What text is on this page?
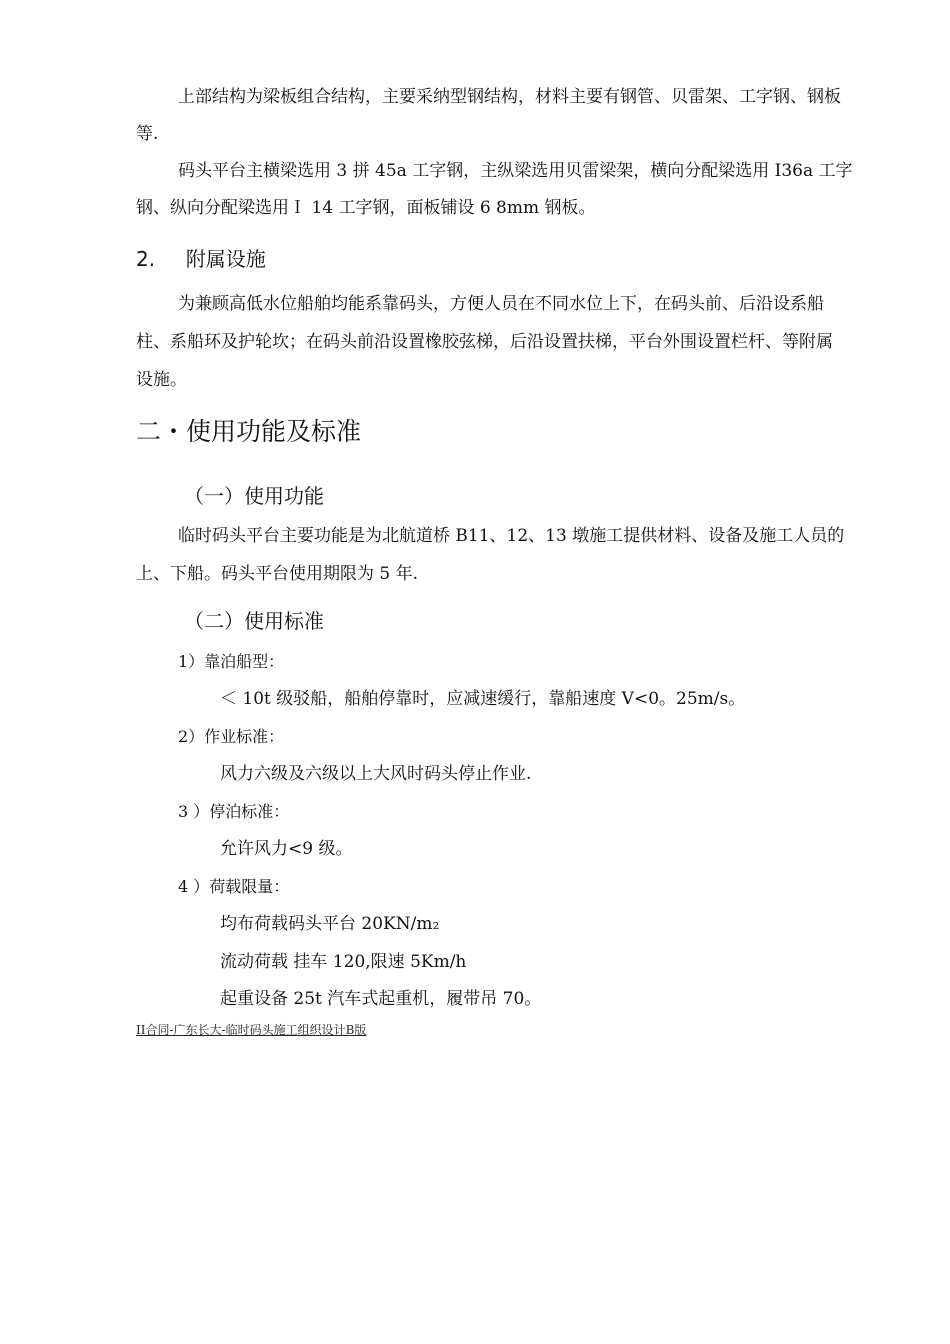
上部结构为梁板组合结构，主要采纳型钢结构，材料主要有钢管、贝雷架、工字钢、钢板
等.
码头平台主横梁选用 3 拼 45a 工字钢，主纵梁选用贝雷梁架，横向分配梁选用 I36a 工字
钢、纵向分配梁选用Ｉ 14 工字钢，面板铺设 6 8mm 钢板。
2. 附属设施
为兼顾高低水位船舶均能系靠码头，方便人员在不同水位上下，在码头前、后沿设系船
柱、系船环及护轮坎；在码头前沿设置橡胶弦梯，后沿设置扶梯，平台外围设置栏杆、等附属
设施。
二・使用功能及标准
（一）使用功能
临时码头平台主要功能是为北航道桥 B11、12、13 墩施工提供材料、设备及施工人员的
上、下船。码头平台使用期限为 5 年.
（二）使用标准
1）靠泊船型：
＜ 10t 级驳船，船舶停靠时，应减速缓行，靠船速度 V<0。25m/s。
2）作业标准：
风力六级及六级以上大风时码头停止作业.
3 ）停泊标准：
允许风力<9 级。
4 ）荷载限量：
均布荷载码头平台 20KN/m₂
流动荷载 挂车 120,限速 5Km/h
起重设备 25t 汽车式起重机，履带吊 70。
II合同-广东长大-临时码头施工组织设计B版
